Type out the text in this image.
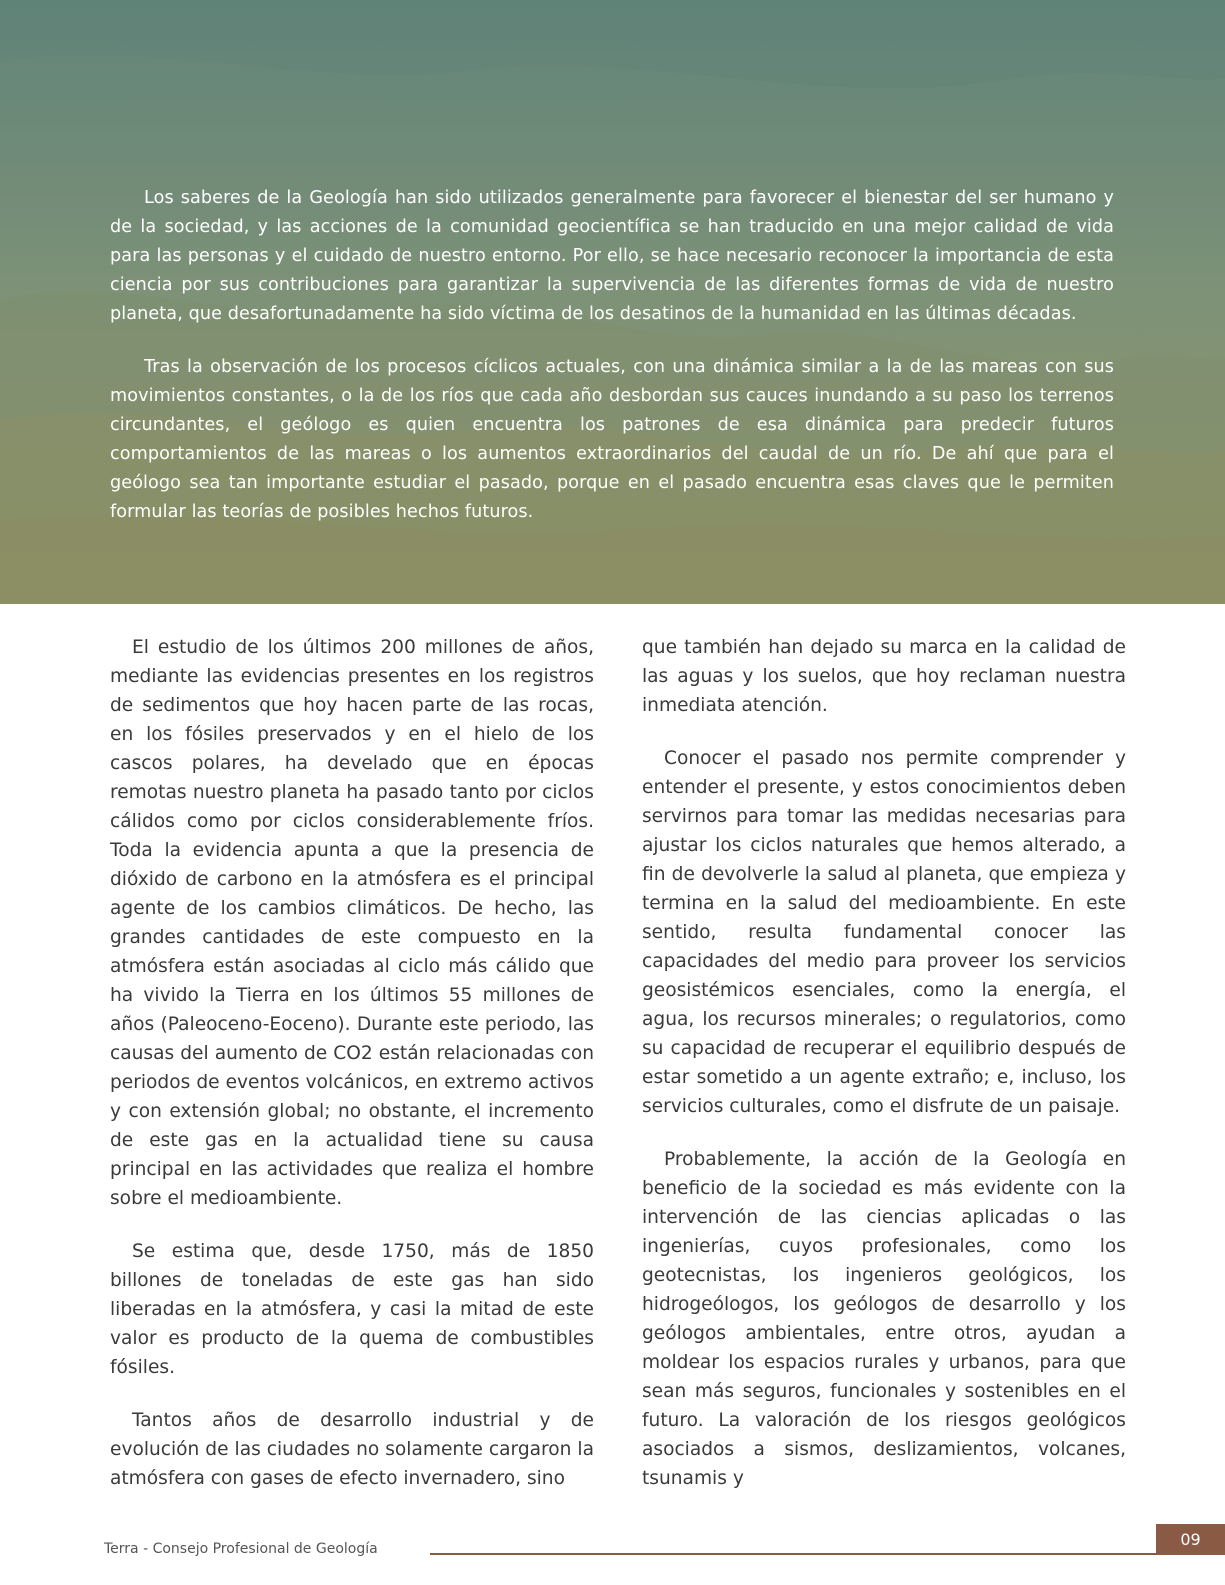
Los saberes de la Geología han sido utilizados generalmente para favorecer el bienestar del ser humano y de la sociedad, y las acciones de la comunidad geocientífica se han traducido en una mejor calidad de vida para las personas y el cuidado de nuestro entorno. Por ello, se hace necesario reconocer la importancia de esta ciencia por sus contribuciones para garantizar la supervivencia de las diferentes formas de vida de nuestro planeta, que desafortunadamente ha sido víctima de los desatinos de la humanidad en las últimas décadas.

Tras la observación de los procesos cíclicos actuales, con una dinámica similar a la de las mareas con sus movimientos constantes, o la de los ríos que cada año desbordan sus cauces inundando a su paso los terrenos circundantes, el geólogo es quien encuentra los patrones de esa dinámica para predecir futuros comportamientos de las mareas o los aumentos extraordinarios del caudal de un río. De ahí que para el geólogo sea tan importante estudiar el pasado, porque en el pasado encuentra esas claves que le permiten formular las teorías de posibles hechos futuros.

El estudio de los últimos 200 millones de años, mediante las evidencias presentes en los registros de sedimentos que hoy hacen parte de las rocas, en los fósiles preservados y en el hielo de los cascos polares, ha develado que en épocas remotas nuestro planeta ha pasado tanto por ciclos cálidos como por ciclos considerablemente fríos. Toda la evidencia apunta a que la presencia de dióxido de carbono en la atmósfera es el principal agente de los cambios climáticos. De hecho, las grandes cantidades de este compuesto en la atmósfera están asociadas al ciclo más cálido que ha vivido la Tierra en los últimos 55 millones de años (Paleoceno-Eoceno). Durante este periodo, las causas del aumento de CO2 están relacionadas con periodos de eventos volcánicos, en extremo activos y con extensión global; no obstante, el incremento de este gas en la actualidad tiene su causa principal en las actividades que realiza el hombre sobre el medioambiente.

Se estima que, desde 1750, más de 1850 billones de toneladas de este gas han sido liberadas en la atmósfera, y casi la mitad de este valor es producto de la quema de combustibles fósiles.

Tantos años de desarrollo industrial y de evolución de las ciudades no solamente cargaron la atmósfera con gases de efecto invernadero, sino

que también han dejado su marca en la calidad de las aguas y los suelos, que hoy reclaman nuestra inmediata atención.

Conocer el pasado nos permite comprender y entender el presente, y estos conocimientos deben servirnos para tomar las medidas necesarias para ajustar los ciclos naturales que hemos alterado, a fin de devolverle la salud al planeta, que empieza y termina en la salud del medioambiente. En este sentido, resulta fundamental conocer las capacidades del medio para proveer los servicios geosistémicos esenciales, como la energía, el agua, los recursos minerales; o regulatorios, como su capacidad de recuperar el equilibrio después de estar sometido a un agente extraño; e, incluso, los servicios culturales, como el disfrute de un paisaje.

Probablemente, la acción de la Geología en beneficio de la sociedad es más evidente con la intervención de las ciencias aplicadas o las ingenierías, cuyos profesionales, como los geotecnistas, los ingenieros geológicos, los hidrogeólogos, los geólogos de desarrollo y los geólogos ambientales, entre otros, ayudan a moldear los espacios rurales y urbanos, para que sean más seguros, funcionales y sostenibles en el futuro. La valoración de los riesgos geológicos asociados a sismos, deslizamientos, volcanes, tsunamis y

Terra - Consejo Profesional de Geología	09
